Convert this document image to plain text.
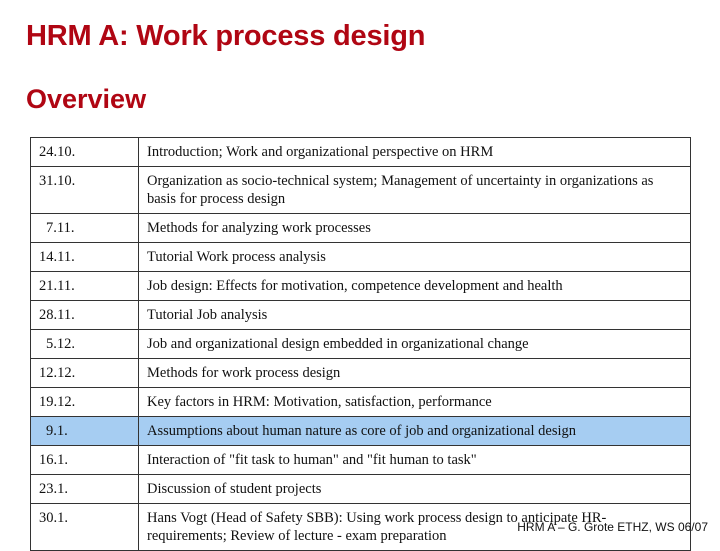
HRM A: Work process design
Overview
24.10.	Introduction; Work and organizational perspective on HRM
31.10.	Organization as socio-technical system; Management of uncertainty in organizations as basis for process design
7.11.	Methods for analyzing work processes
14.11.	Tutorial Work process analysis
21.11.	Job design: Effects for motivation, competence development and health
28.11.	Tutorial Job analysis
5.12.	Job and organizational design embedded in organizational change
12.12.	Methods for work process design
19.12.	Key factors in HRM: Motivation, satisfaction, performance
9.1.	Assumptions about human nature as core of job and organizational design
16.1.	Interaction of "fit task to human" and "fit human to task"
23.1.	Discussion of student projects
30.1.	Hans Vogt (Head of Safety SBB): Using work process design to anticipate HR-requirements; Review of lecture - exam preparation
HRM A – G. Grote ETHZ, WS 06/07
